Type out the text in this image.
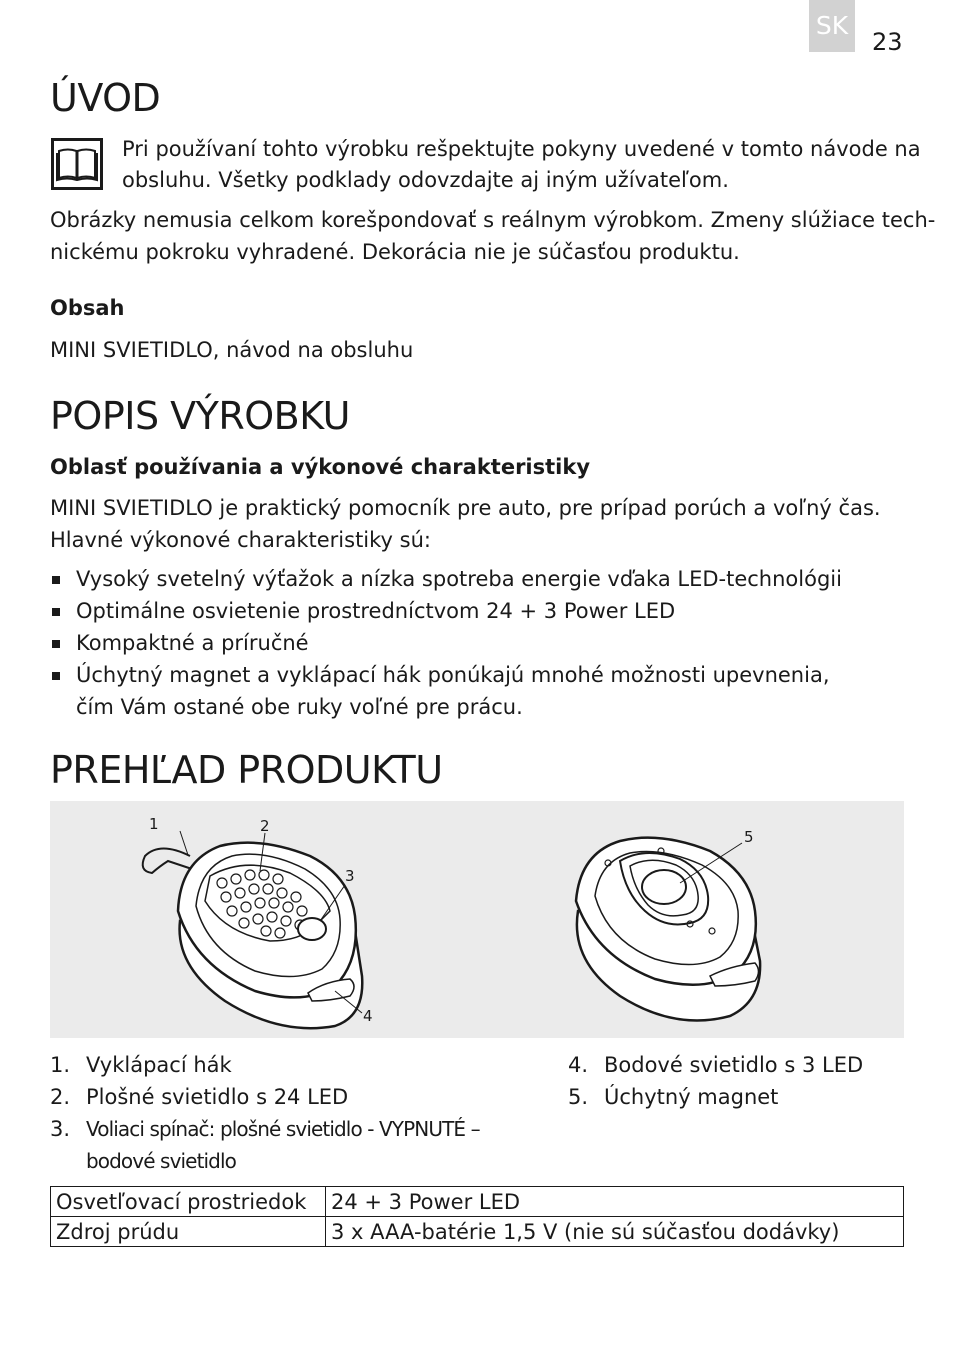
SK
23
ÚVOD

Pri používaní tohto výrobku rešpektujte pokyny uvedené v tomto návode na

obsluhu. Všetky podklady odovzdajte aj iným užívateľom.

Obrázky nemusia celkom korešpondovať s reálnym výrobkom. Zmeny slúžiace tech-

nickému pokroku vyhradené. Dekorácia nie je súčasťou produktu.

Obsah

MINI SVIETIDLO, návod na obsluhu

POPIS VÝROBKU

Oblasť používania a výkonové charakteristiky

MINI SVIETIDLO je praktický pomocník pre auto, pre prípad porúch a voľný čas.

Hlavné výkonové charakteristiky sú:

Vysoký svetelný výťažok a nízka spotreba energie vďaka LED-technológii
Optimálne osvietenie prostredníctvom 24 + 3 Power LED
Kompaktné a príručné
Úchytný magnet a vyklápací hák ponúkajú mnohé možnosti upevnenia,

čím Vám ostané obe ruky voľné pre prácu.

PREHĽAD PRODUKTU
1	2
3
4
5
1. Vyklápací hák
2. Plošné svietidlo s 24 LED
3. Voliaci spínač: plošné svietidlo - VYPNUTÉ –
bodové svietidlo
4. Bodové svietidlo s 3 LED
5. Úchytný magnet
Osvetľovací prostriedok	24 + 3 Power LED
Zdroj prúdu	3 x AAA-batérie 1,5 V (nie sú súčasťou dodávky)
